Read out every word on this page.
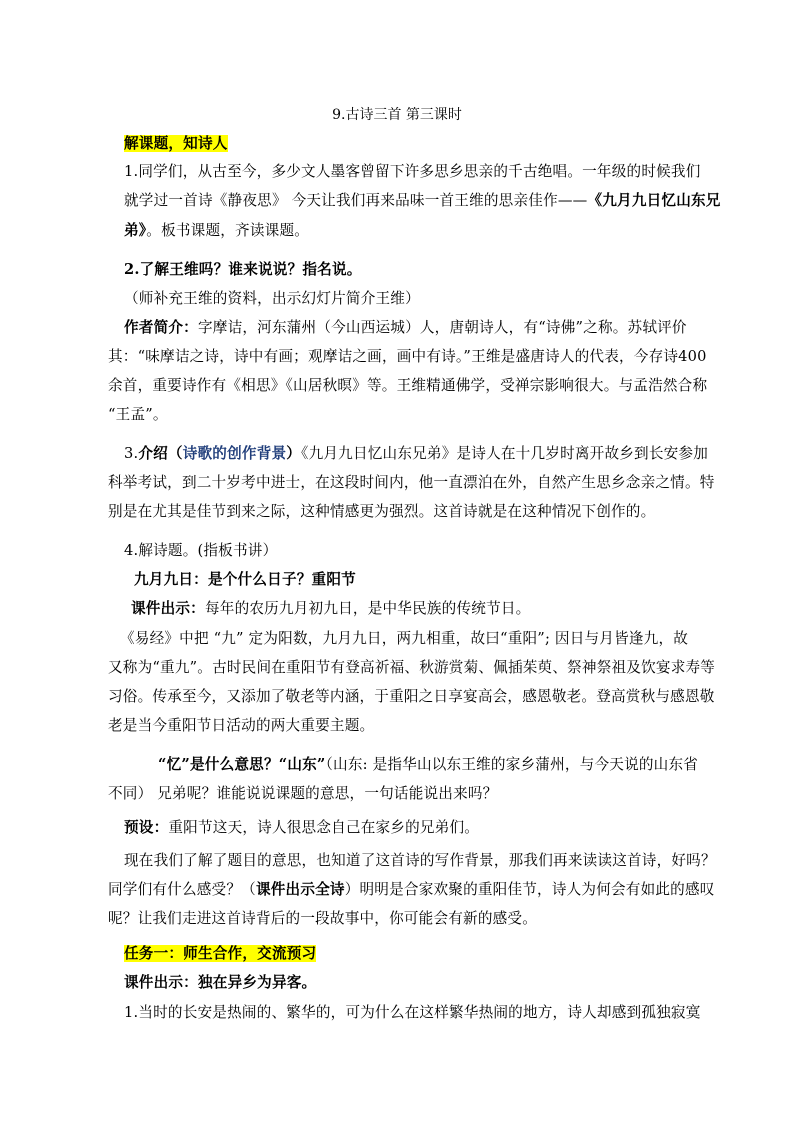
9.古诗三首 第三课时
解课题，知诗人
1.同学们，从古至今，多少文人墨客曾留下许多思乡思亲的千古绝唱。一年级的时候我们
就学过一首诗《静夜思》 今天让我们再来品味一首王维的思亲佳作——《九月九日忆山东兄
弟》。板书课题，齐读课题。
2.了解王维吗？谁来说说？指名说。
（师补充王维的资料，出示幻灯片简介王维）
作者简介：字摩诘，河东蒲州（今山西运城）人，唐朝诗人，有“诗佛”之称。苏轼评价
其：“味摩诘之诗，诗中有画；观摩诘之画，画中有诗。”王维是盛唐诗人的代表，今存诗400
余首，重要诗作有《相思》《山居秋暝》等。王维精通佛学，受禅宗影响很大。与孟浩然合称
“王孟”。
3.介绍（诗歌的创作背景）《九月九日忆山东兄弟》是诗人在十几岁时离开故乡到长安参加
科举考试，到二十岁考中进士，在这段时间内，他一直漂泊在外，自然产生思乡念亲之情。特
别是在尤其是佳节到来之际，这种情感更为强烈。这首诗就是在这种情况下创作的。
4.解诗题。(指板书讲）
九月九日：是个什么日子？重阳节
课件出示：每年的农历九月初九日，是中华民族的传统节日。
《易经》中把 “九” 定为阳数，九月九日，两九相重，故曰“重阳”; 因日与月皆逢九，故
又称为“重九”。古时民间在重阳节有登高祈福、秋游赏菊、佩插茱萸、祭神祭祖及饮宴求寿等
习俗。传承至今，又添加了敬老等内涵，于重阳之日享宴高会，感恩敬老。登高赏秋与感恩敬
老是当今重阳节日活动的两大重要主题。
“忆”是什么意思？“山东”（山东: 是指华山以东王维的家乡蒲州，与今天说的山东省
不同） 兄弟呢？谁能说说课题的意思，一句话能说出来吗？
预设：重阳节这天，诗人很思念自己在家乡的兄弟们。
现在我们了解了题目的意思，也知道了这首诗的写作背景，那我们再来读读这首诗，好吗？
同学们有什么感受？（课件出示全诗）明明是合家欢聚的重阳佳节，诗人为何会有如此的感叹
呢？让我们走进这首诗背后的一段故事中，你可能会有新的感受。
任务一：师生合作，交流预习
课件出示：独在异乡为异客。
1.当时的长安是热闹的、繁华的，可为什么在这样繁华热闹的地方，诗人却感到孤独寂寞
